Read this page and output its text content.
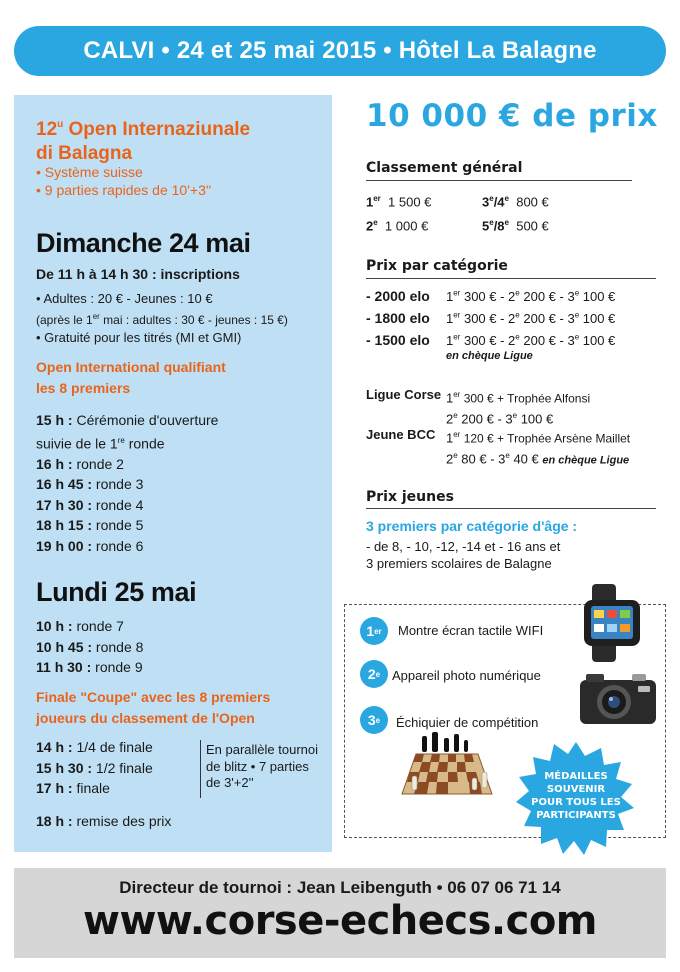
CALVI • 24 et 25 mai 2015 • Hôtel La Balagne
12$^u$ Open Internaziunale
di Balagna
• Système suisse
• 9 parties rapides de 10'+3''
Dimanche 24 mai
De 11 h à 14 h 30 : inscriptions
• Adultes : 20 € - Jeunes : 10 €
(après le 1er mai : adultes : 30 € - jeunes : 15 €)
• Gratuité pour les titrés (MI et GMI)
Open International qualifiant
les 8 premiers
15 h : Cérémonie d'ouverture
suivie de le 1re ronde
16 h : ronde 2
16 h 45 : ronde 3
17 h 30 : ronde 4
18 h 15 : ronde 5
19 h 00 : ronde 6
Lundi 25 mai
10 h : ronde 7
10 h 45 : ronde 8
11 h 30 : ronde 9
Finale "Coupe" avec les 8 premiers
joueurs du classement de l'Open
14 h : 1/4 de finale
15 h 30 : 1/2 finale
17 h : finale
En parallèle tournoi
de blitz • 7 parties
de 3'+2''
18 h : remise des prix
10 000 € de prix
Classement général
1er 1 500 €
2e 1 000 €
3e/4e 800 €
5e/8e 500 €
Prix par catégorie
- 2000 elo 1er 300 € - 2e 200 € - 3e 100 €
- 1800 elo 1er 300 € - 2e 200 € - 3e 100 €
- 1500 elo 1er 300 € - 2e 200 € - 3e 100 €
en chèque Ligue
Ligue Corse 1er 300 € + Trophée Alfonsi
2e 200 € - 3e 100 €
Jeune BCC 1er 120 € + Trophée Arsène Maillet
2e 80 € - 3e 40 € en chèque Ligue
Prix jeunes
3 premiers par catégorie d'âge :
- de 8, - 10, -12, -14 et - 16 ans et
3 premiers scolaires de Balagne
1 er Montre écran tactile WIFI
2 e Appareil photo numérique
3 e Échiquier de compétition
MÉDAILLES
SOUVENIR
POUR TOUS LES
PARTICIPANTS
Directeur de tournoi : Jean Leibenguth • 06 07 06 71 14
www.corse-echecs.com
